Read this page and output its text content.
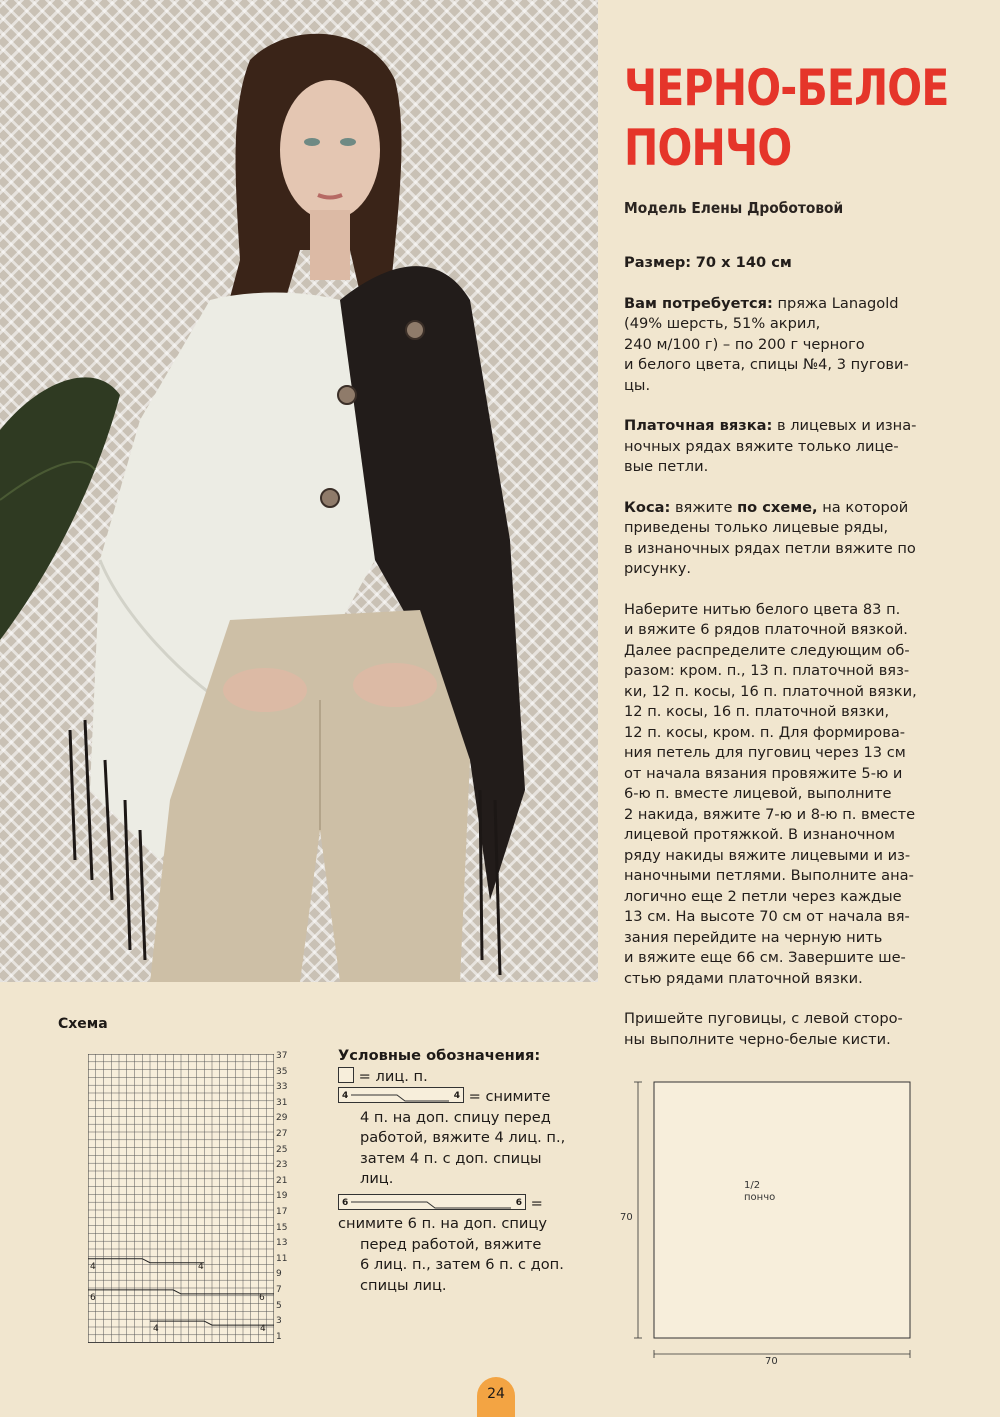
ЧЕРНО-БЕЛОЕ
ПОНЧО
Модель Елены Дроботовой

Размер: 70 х 140 см

Вам потребуется: пряжа Lanagold
(49% шерсть, 51% акрил,
240 м/100 г) – по 200 г черного
и белого цвета, спицы №4, 3 пугови-
цы.

Платочная вязка: в лицевых и изна-
ночных рядах вяжите только лице-
вые петли.

Коса: вяжите по схеме, на которой
приведены только лицевые ряды,
в изнаночных рядах петли вяжите по
рисунку.

Наберите нитью белого цвета 83 п.
и вяжите 6 рядов платочной вязкой.
Далее распределите следующим об-
разом: кром. п., 13 п. платочной вяз-
ки, 12 п. косы, 16 п. платочной вязки,
12 п. косы, 16 п. платочной вязки,
12 п. косы, кром. п. Для формирова-
ния петель для пуговиц через 13 см
от начала вязания провяжите 5-ю и
6-ю п. вместе лицевой, выполните
2 накида, вяжите 7-ю и 8-ю п. вместе
лицевой протяжкой. В изнаночном
ряду накиды вяжите лицевыми и из-
наночными петлями. Выполните ана-
логично еще 2 петли через каждые
13 см. На высоте 70 см от начала вя-
зания перейдите на черную нить
и вяжите еще 66 см. Завершите ше-
стью рядами платочной вязки.

Пришейте пуговицы, с левой сторо-
ны выполните черно-белые кисти.

Схема
37
35
33
31
29
27
25
23
21
19
17
15
13
11
9
7
5
3
1
4	4
6	6
4	4
Условные обозначения:
= лиц. п.
4	4 = снимите
4 п. на доп. спицу перед
работой, вяжите 4 лиц. п.,
затем 4 п. с доп. спицы
лиц.
6	6 =
снимите 6 п. на доп. спицу
перед работой, вяжите
6 лиц. п., затем 6 п. с доп.
спицы лиц.
1/2
пончо
70
70
24
